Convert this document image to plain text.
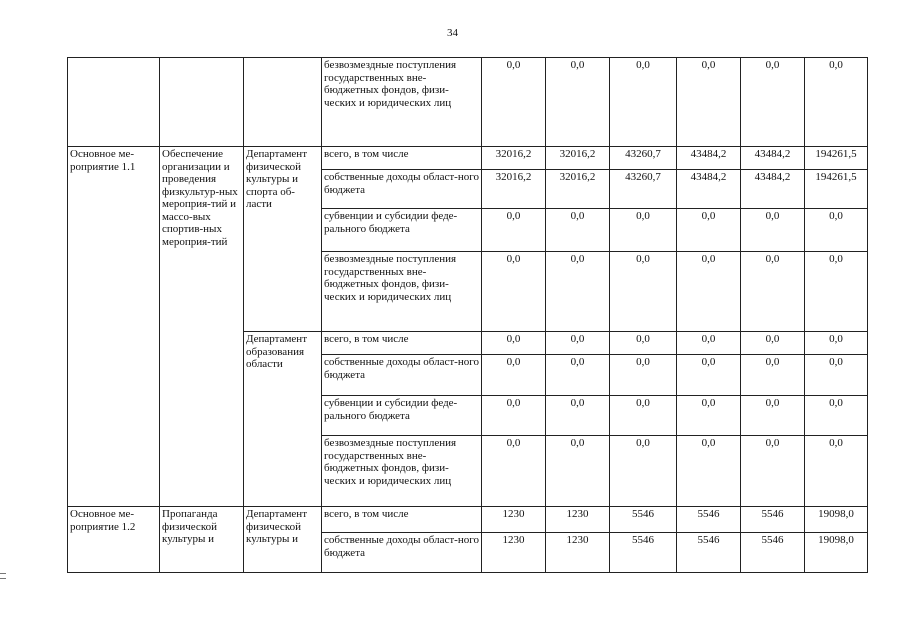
34
			безвозмездные поступления государственных вне-бюджетных фондов, физи-ческих и юридических лиц	0,0	0,0	0,0	0,0	0,0	0,0
Основное ме-роприятие 1.1	Обеспечение организации и проведения физкультур-ных мероприя-тий и массо-вых спортив-ных мероприя-тий	Департамент физической культуры и спорта об-ласти	всего, в том числе	32016,2	32016,2	43260,7	43484,2	43484,2	194261,5
			собственные доходы област-ного бюджета	32016,2	32016,2	43260,7	43484,2	43484,2	194261,5
			субвенции и субсидии феде-рального бюджета	0,0	0,0	0,0	0,0	0,0	0,0
			безвозмездные поступления государственных вне-бюджетных фондов, физи-ческих и юридических лиц	0,0	0,0	0,0	0,0	0,0	0,0
		Департамент образования области	всего, в том числе	0,0	0,0	0,0	0,0	0,0	0,0
			собственные доходы област-ного бюджета	0,0	0,0	0,0	0,0	0,0	0,0
			субвенции и субсидии феде-рального бюджета	0,0	0,0	0,0	0,0	0,0	0,0
			безвозмездные поступления государственных вне-бюджетных фондов, физи-ческих и юридических лиц	0,0	0,0	0,0	0,0	0,0	0,0
Основное ме-роприятие 1.2	Пропаганда физической культуры и	Департамент физической культуры и	всего, в том числе	1230	1230	5546	5546	5546	19098,0
			собственные доходы област-ного бюджета	1230	1230	5546	5546	5546	19098,0
